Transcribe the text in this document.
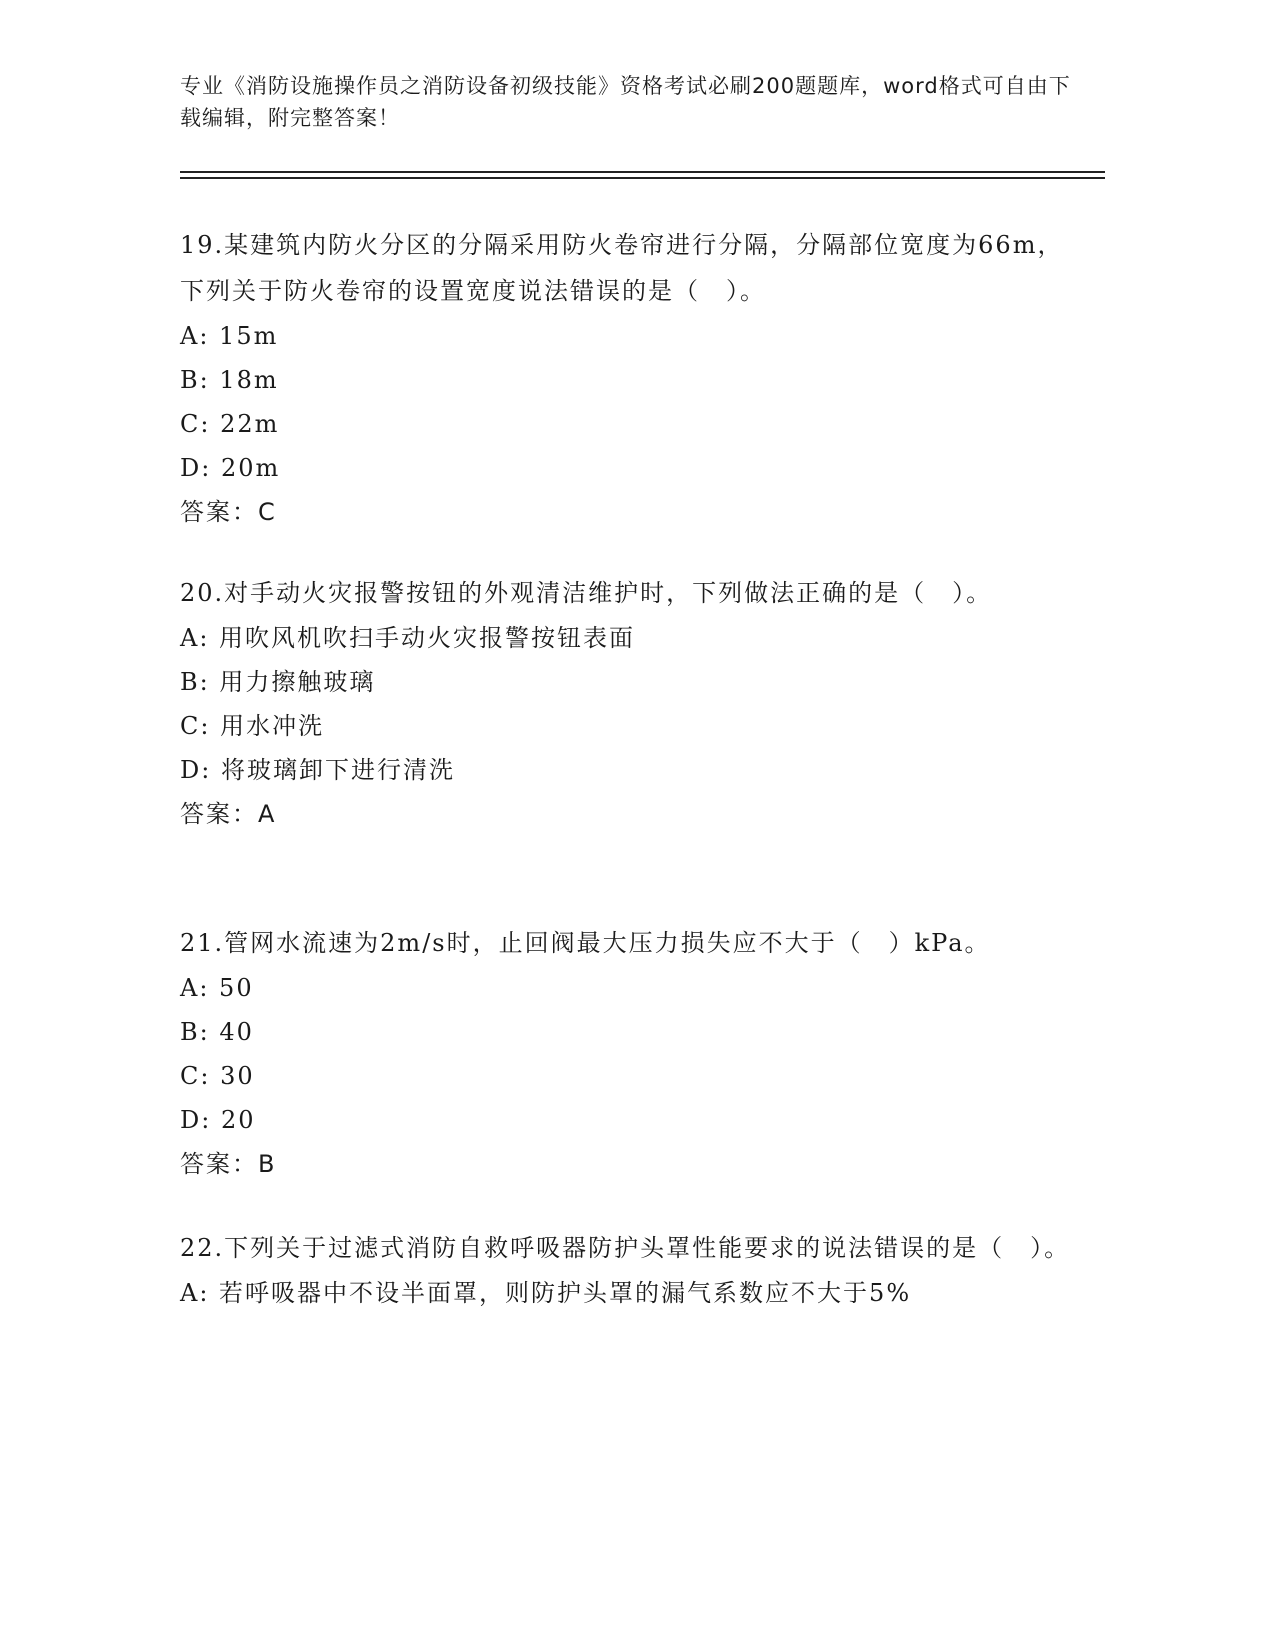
专业《消防设施操作员之消防设备初级技能》资格考试必刷200题题库，word格式可自由下载编辑，附完整答案！

19.某建筑内防火分区的分隔采用防火卷帘进行分隔，分隔部位宽度为66m，下列关于防火卷帘的设置宽度说法错误的是（　）。

A: 15m

B: 18m

C: 22m

D: 20m

答案：C

20.对手动火灾报警按钮的外观清洁维护时，下列做法正确的是（　）。

A: 用吹风机吹扫手动火灾报警按钮表面

B: 用力擦触玻璃

C: 用水冲洗

D: 将玻璃卸下进行清洗

答案：A

21.管网水流速为2m/s时，止回阀最大压力损失应不大于（　）kPa。

A: 50

B: 40

C: 30

D: 20

答案：B

22.下列关于过滤式消防自救呼吸器防护头罩性能要求的说法错误的是（　）。

A: 若呼吸器中不设半面罩，则防护头罩的漏气系数应不大于5%
